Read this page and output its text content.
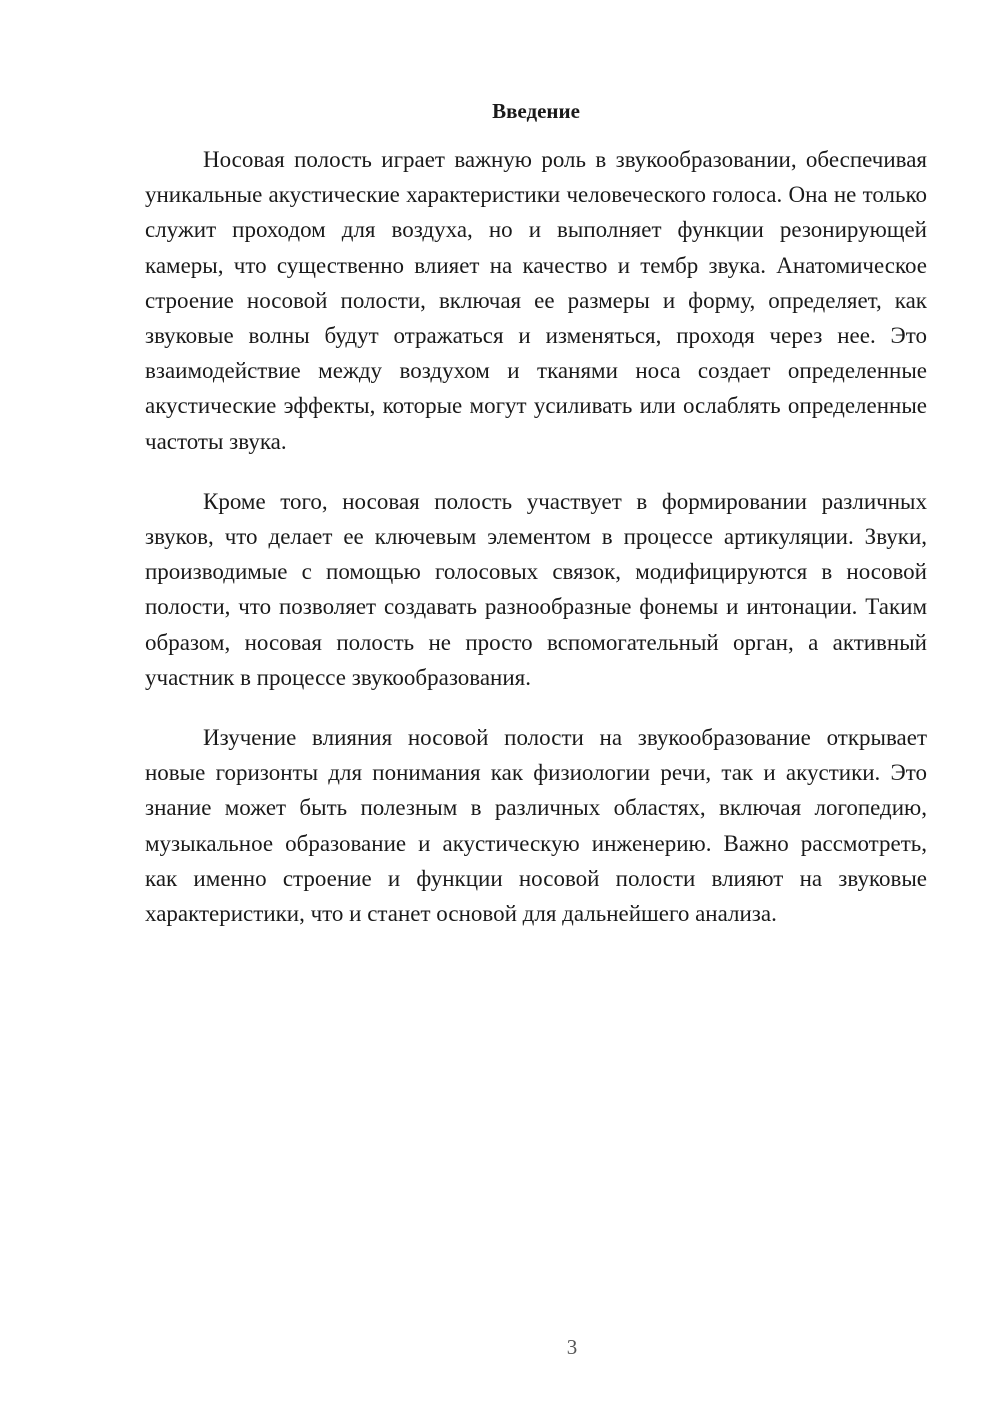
Введение

Носовая полость играет важную роль в звукообразовании, обеспечивая уникальные акустические характеристики человеческого голоса. Она не только служит проходом для воздуха, но и выполняет функции резонирующей камеры, что существенно влияет на качество и тембр звука. Анатомическое строение носовой полости, включая ее размеры и форму, определяет, как звуковые волны будут отражаться и изменяться, проходя через нее. Это взаимодействие между воздухом и тканями носа создает определенные акустические эффекты, которые могут усиливать или ослаблять определенные частоты звука.

Кроме того, носовая полость участвует в формировании различных звуков, что делает ее ключевым элементом в процессе артикуляции. Звуки, производимые с помощью голосовых связок, модифицируются в носовой полости, что позволяет создавать разнообразные фонемы и интонации. Таким образом, носовая полость не просто вспомогательный орган, а активный участник в процессе звукообразования.

Изучение влияния носовой полости на звукообразование открывает новые горизонты для понимания как физиологии речи, так и акустики. Это знание может быть полезным в различных областях, включая логопедию, музыкальное образование и акустическую инженерию. Важно рассмотреть, как именно строение и функции носовой полости влияют на звуковые характеристики, что и станет основой для дальнейшего анализа.

3
